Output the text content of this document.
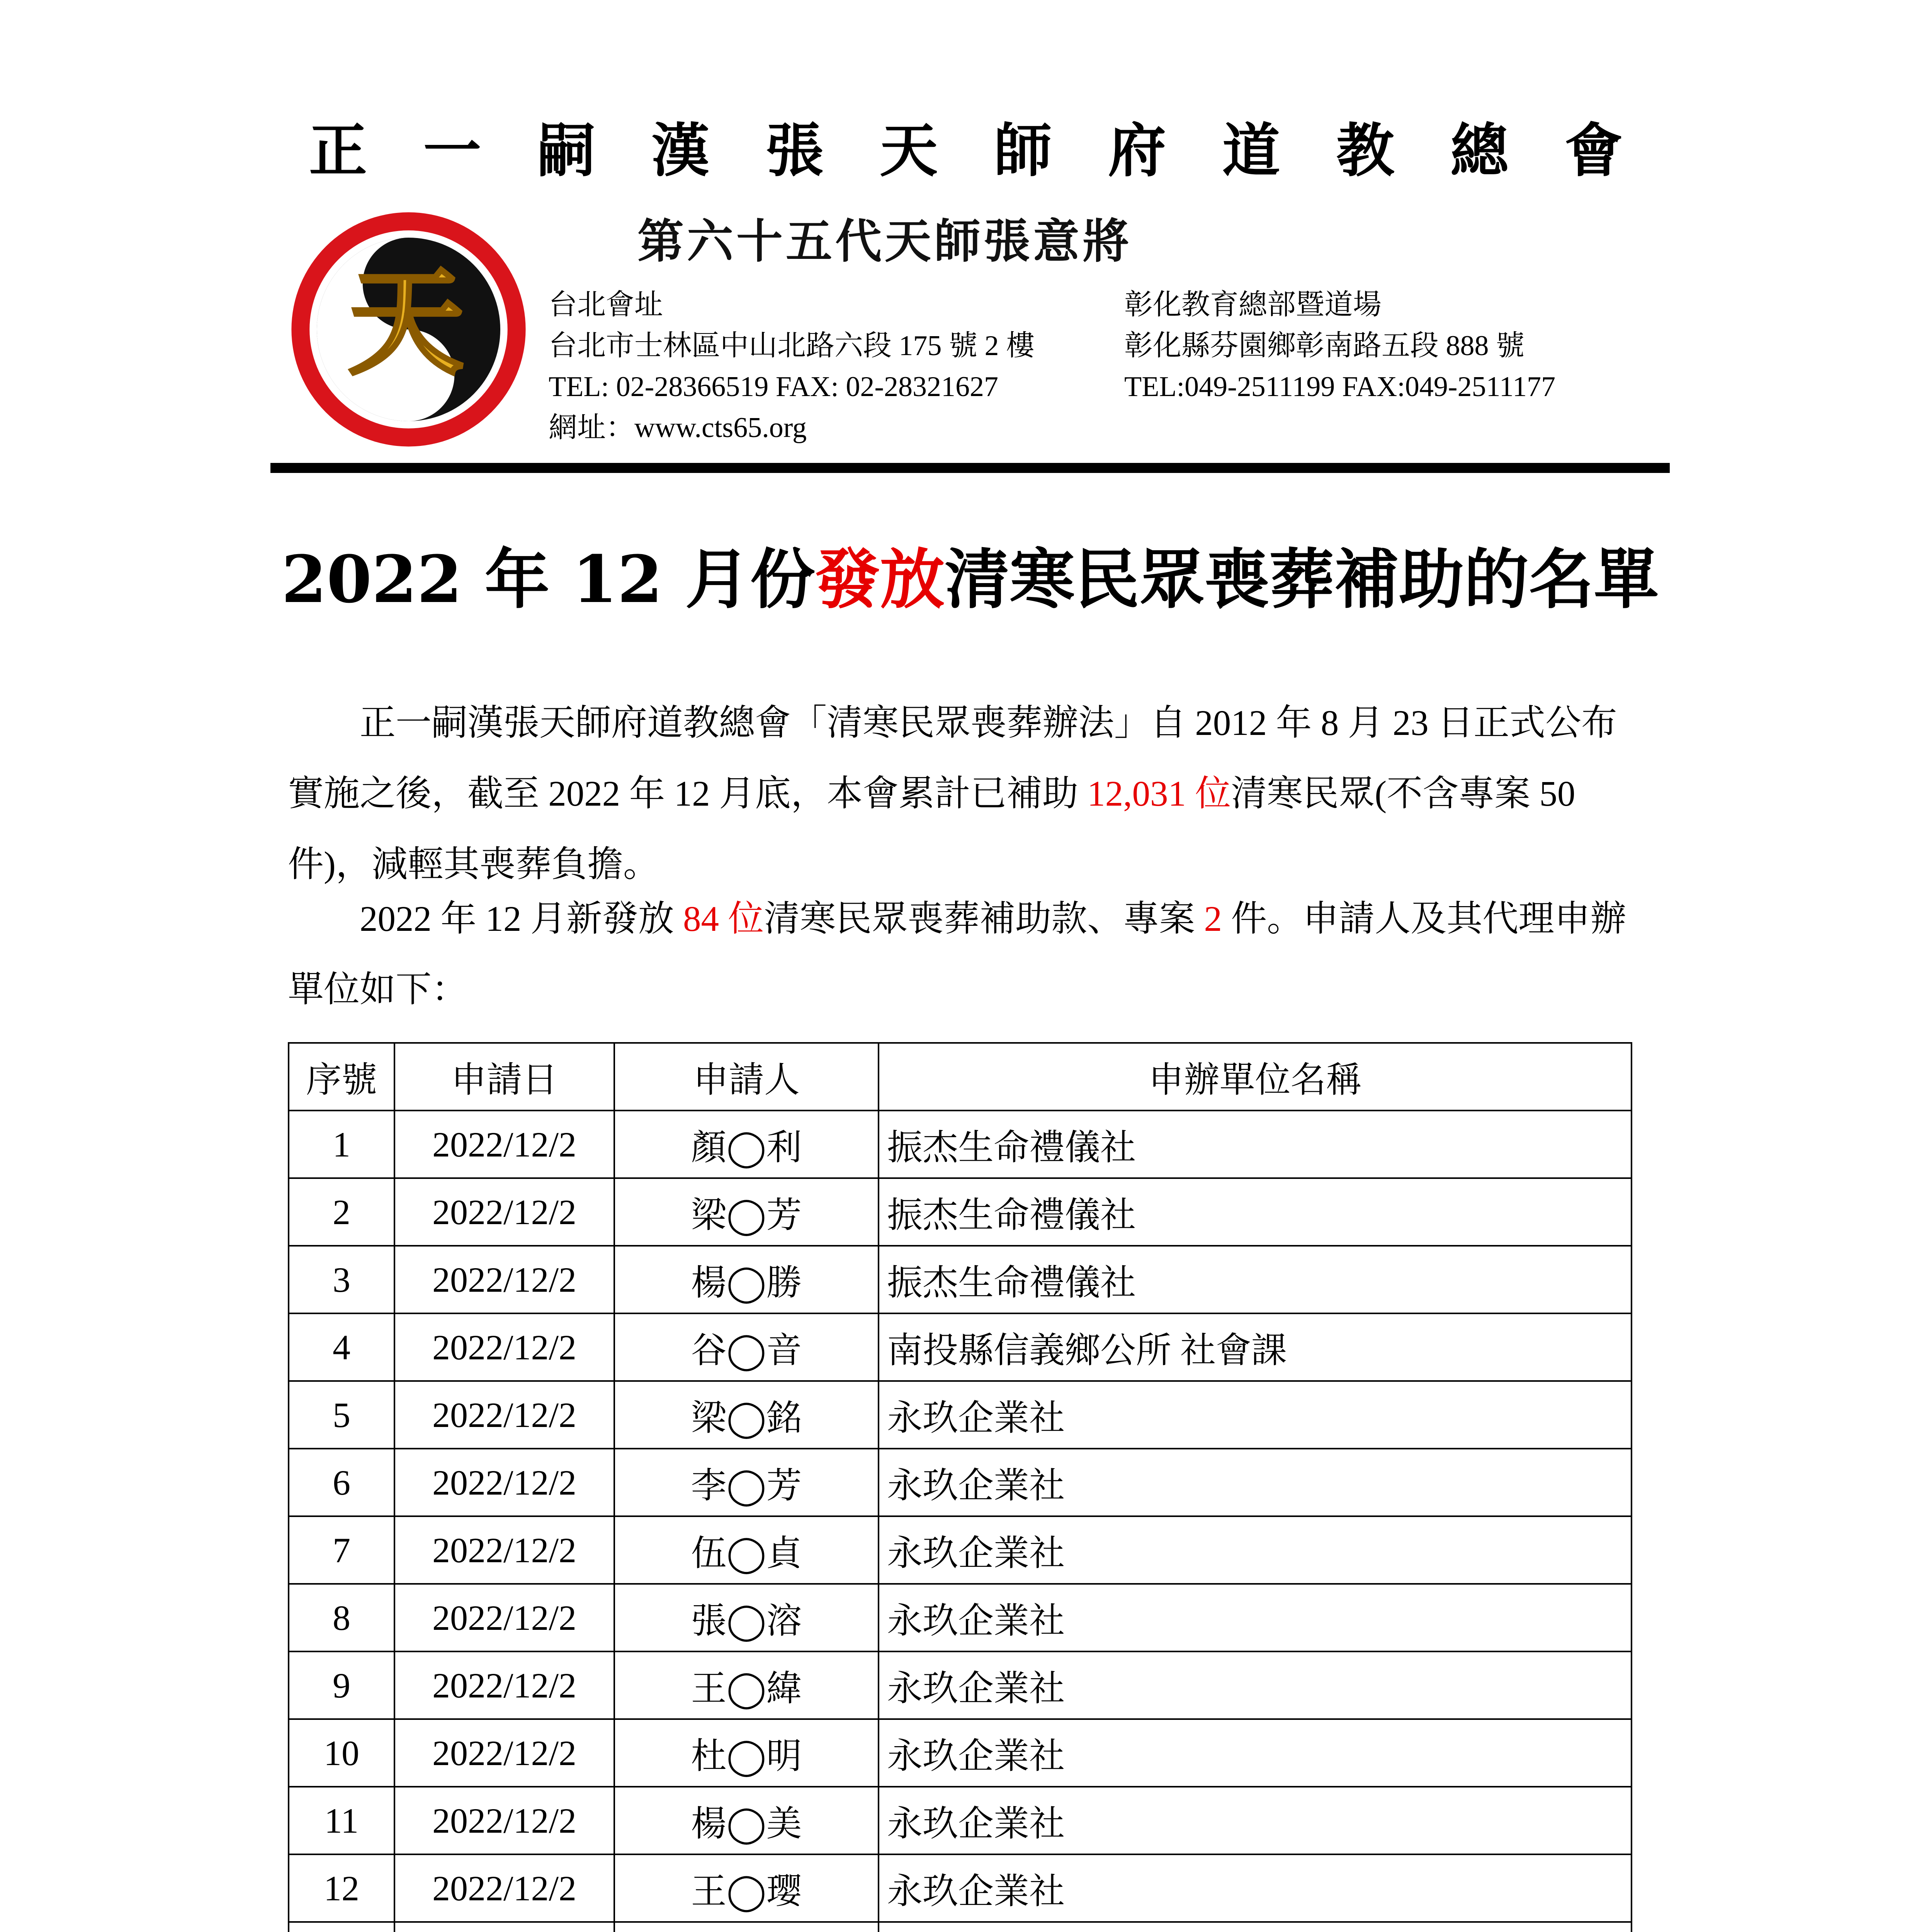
正 一 嗣 漢 張 天 師 府 道 教 總 會
天
第六十五代天師張意將
台北會址	彰化教育總部暨道場
台北市士林區中山北路六段 175 號 2 樓	彰化縣芬園鄉彰南路五段 888 號
TEL: 02-28366519 FAX: 02-28321627	TEL:049-2511199 FAX:049-2511177
網址：www.cts65.org
2022 年 12 月份發放清寒民眾喪葬補助的名單

正一嗣漢張天師府道教總會「清寒民眾喪葬辦法」自 2012 年 8 月 23 日正式公布實施之後，截至 2022 年 12 月底，本會累計已補助 12,031 位清寒民眾(不含專案 50 件)，減輕其喪葬負擔。

2022 年 12 月新發放 84 位清寒民眾喪葬補助款、專案 2 件。申請人及其代理申辦單位如下：

序號	申請日	申請人	申辦單位名稱
1	2022/12/2	顏◯利	振杰生命禮儀社
2	2022/12/2	梁◯芳	振杰生命禮儀社
3	2022/12/2	楊◯勝	振杰生命禮儀社
4	2022/12/2	谷◯音	南投縣信義鄉公所 社會課
5	2022/12/2	梁◯銘	永玖企業社
6	2022/12/2	李◯芳	永玖企業社
7	2022/12/2	伍◯貞	永玖企業社
8	2022/12/2	張◯溶	永玖企業社
9	2022/12/2	王◯緯	永玖企業社
10	2022/12/2	杜◯明	永玖企業社
11	2022/12/2	楊◯美	永玖企業社
12	2022/12/2	王◯璎	永玖企業社
